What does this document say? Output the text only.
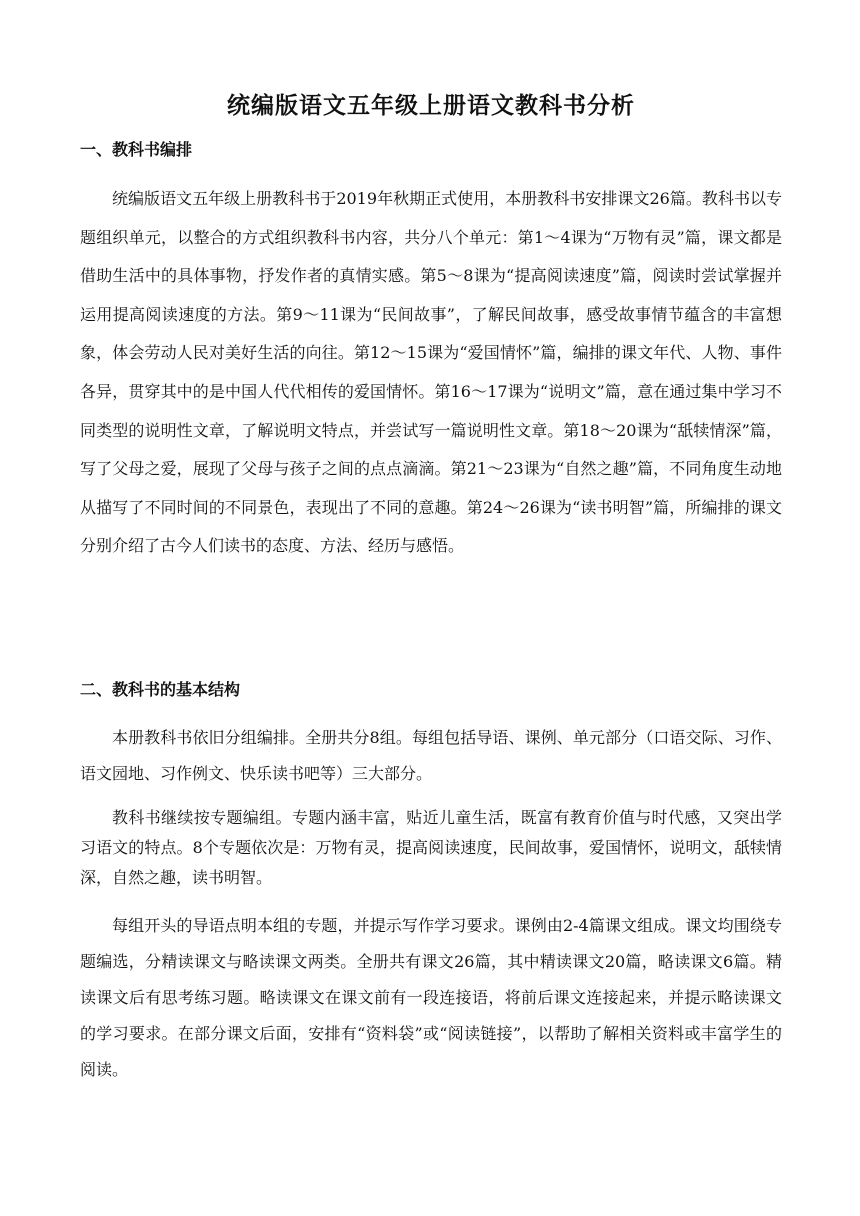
统编版语文五年级上册语文教科书分析
一、教科书编排

统编版语文五年级上册教科书于2019年秋期正式使用，本册教科书安排课文26篇。教科书以专题组织单元，以整合的方式组织教科书内容，共分八个单元：第1～4课为“万物有灵”篇，课文都是借助生活中的具体事物，抒发作者的真情实感。第5～8课为“提高阅读速度”篇，阅读时尝试掌握并运用提高阅读速度的方法。第9～11课为“民间故事”，了解民间故事，感受故事情节蕴含的丰富想象，体会劳动人民对美好生活的向往。第12～15课为“爱国情怀”篇，编排的课文年代、人物、事件各异，贯穿其中的是中国人代代相传的爱国情怀。第16～17课为“说明文”篇，意在通过集中学习不同类型的说明性文章，了解说明文特点，并尝试写一篇说明性文章。第18～20课为“舐犊情深”篇，写了父母之爱，展现了父母与孩子之间的点点滴滴。第21～23课为“自然之趣”篇，不同角度生动地从描写了不同时间的不同景色，表现出了不同的意趣。第24～26课为“读书明智”篇，所编排的课文分别介绍了古今人们读书的态度、方法、经历与感悟。

二、教科书的基本结构

本册教科书依旧分组编排。全册共分8组。每组包括导语、课例、单元部分（口语交际、习作、语文园地、习作例文、快乐读书吧等）三大部分。

教科书继续按专题编组。专题内涵丰富，贴近儿童生活，既富有教育价值与时代感，又突出学习语文的特点。8个专题依次是：万物有灵，提高阅读速度，民间故事，爱国情怀，说明文，舐犊情深，自然之趣，读书明智。

每组开头的导语点明本组的专题，并提示写作学习要求。课例由2-4篇课文组成。课文均围绕专题编选，分精读课文与略读课文两类。全册共有课文26篇，其中精读课文20篇，略读课文6篇。精读课文后有思考练习题。略读课文在课文前有一段连接语，将前后课文连接起来，并提示略读课文的学习要求。在部分课文后面，安排有“资料袋”或“阅读链接”，以帮助了解相关资料或丰富学生的阅读。
